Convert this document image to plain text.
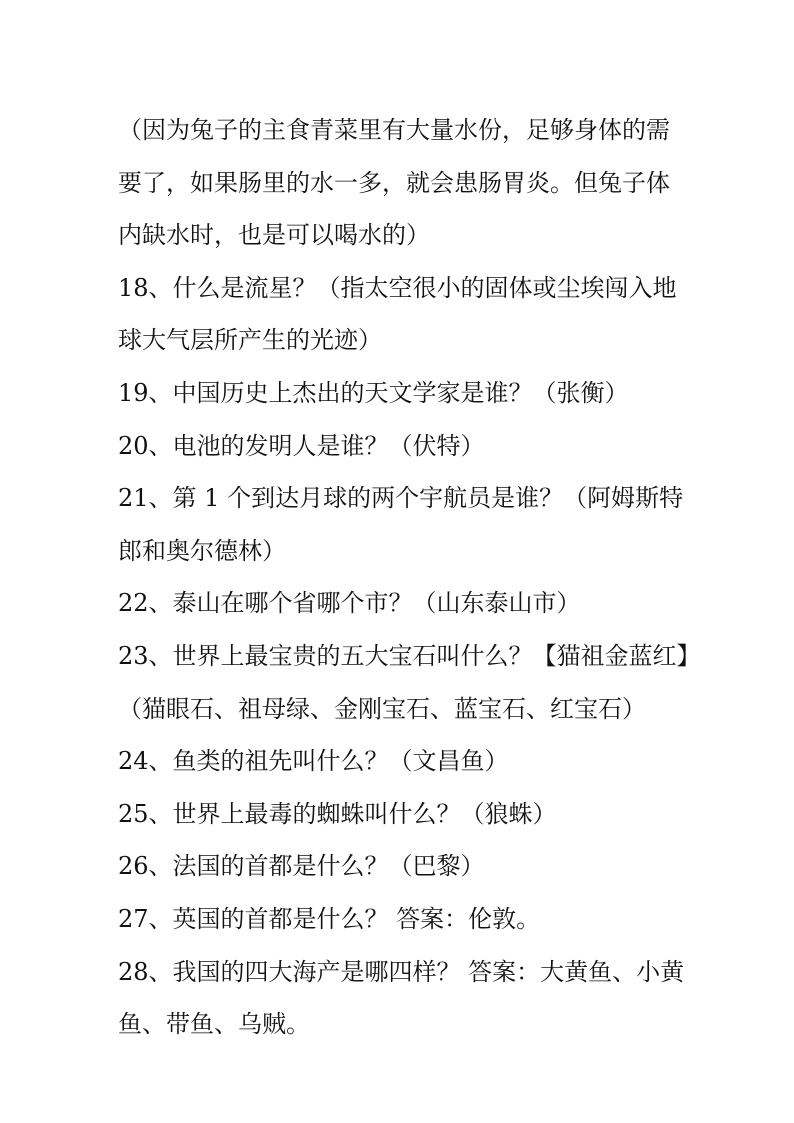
（因为兔子的主食青菜里有大量水份，足够身体的需
要了，如果肠里的水一多，就会患肠胃炎。但兔子体
内缺水时，也是可以喝水的）
18、什么是流星？（指太空很小的固体或尘埃闯入地
球大气层所产生的光迹）
19、中国历史上杰出的天文学家是谁？（张衡）
20、电池的发明人是谁？（伏特）
21、第 1 个到达月球的两个宇航员是谁？（阿姆斯特
郎和奥尔德林）
22、泰山在哪个省哪个市？（山东泰山市）
23、世界上最宝贵的五大宝石叫什么？【猫祖金蓝红】
（猫眼石、祖母绿、金刚宝石、蓝宝石、红宝石）
24、鱼类的祖先叫什么？（文昌鱼）
25、世界上最毒的蜘蛛叫什么？（狼蛛）
26、法国的首都是什么？（巴黎）
27、英国的首都是什么？ 答案：伦敦。
28、我国的四大海产是哪四样？ 答案：大黄鱼、小黄
鱼、带鱼、乌贼。
